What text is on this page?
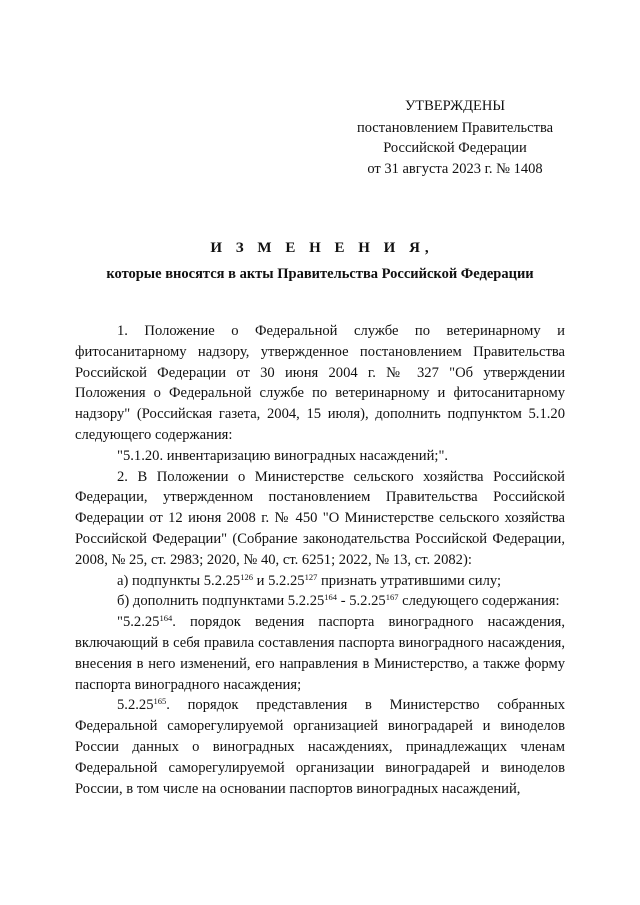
УТВЕРЖДЕНЫ
постановлением Правительства
Российской Федерации
от 31 августа 2023 г. № 1408
И З М Е Н Е Н И Я,
которые вносятся в акты Правительства Российской Федерации

1. Положение о Федеральной службе по ветеринарному и фитосанитарному надзору, утвержденное постановлением Правительства Российской Федерации от 30 июня 2004 г. № 327 "Об утверждении Положения о Федеральной службе по ветеринарному и фитосанитарному надзору" (Российская газета, 2004, 15 июля), дополнить подпунктом 5.1.20 следующего содержания:

"5.1.20. инвентаризацию виноградных насаждений;".

2. В Положении о Министерстве сельского хозяйства Российской Федерации, утвержденном постановлением Правительства Российской Федерации от 12 июня 2008 г. № 450 "О Министерстве сельского хозяйства Российской Федерации" (Собрание законодательства Российской Федерации, 2008, № 25, ст. 2983; 2020, № 40, ст. 6251; 2022, № 13, ст. 2082):

а) подпункты 5.2.25$^{126}$ и 5.2.25$^{127}$ признать утратившими силу;

б) дополнить подпунктами 5.2.25$^{164}$ - 5.2.25$^{167}$ следующего содержания:

"5.2.25$^{164}$. порядок ведения паспорта виноградного насаждения, включающий в себя правила составления паспорта виноградного насаждения, внесения в него изменений, его направления в Министерство, а также форму паспорта виноградного насаждения;

5.2.25$^{165}$. порядок представления в Министерство собранных Федеральной саморегулируемой организацией виноградарей и виноделов России данных о виноградных насаждениях, принадлежащих членам Федеральной саморегулируемой организации виноградарей и виноделов России, в том числе на основании паспортов виноградных насаждений,
